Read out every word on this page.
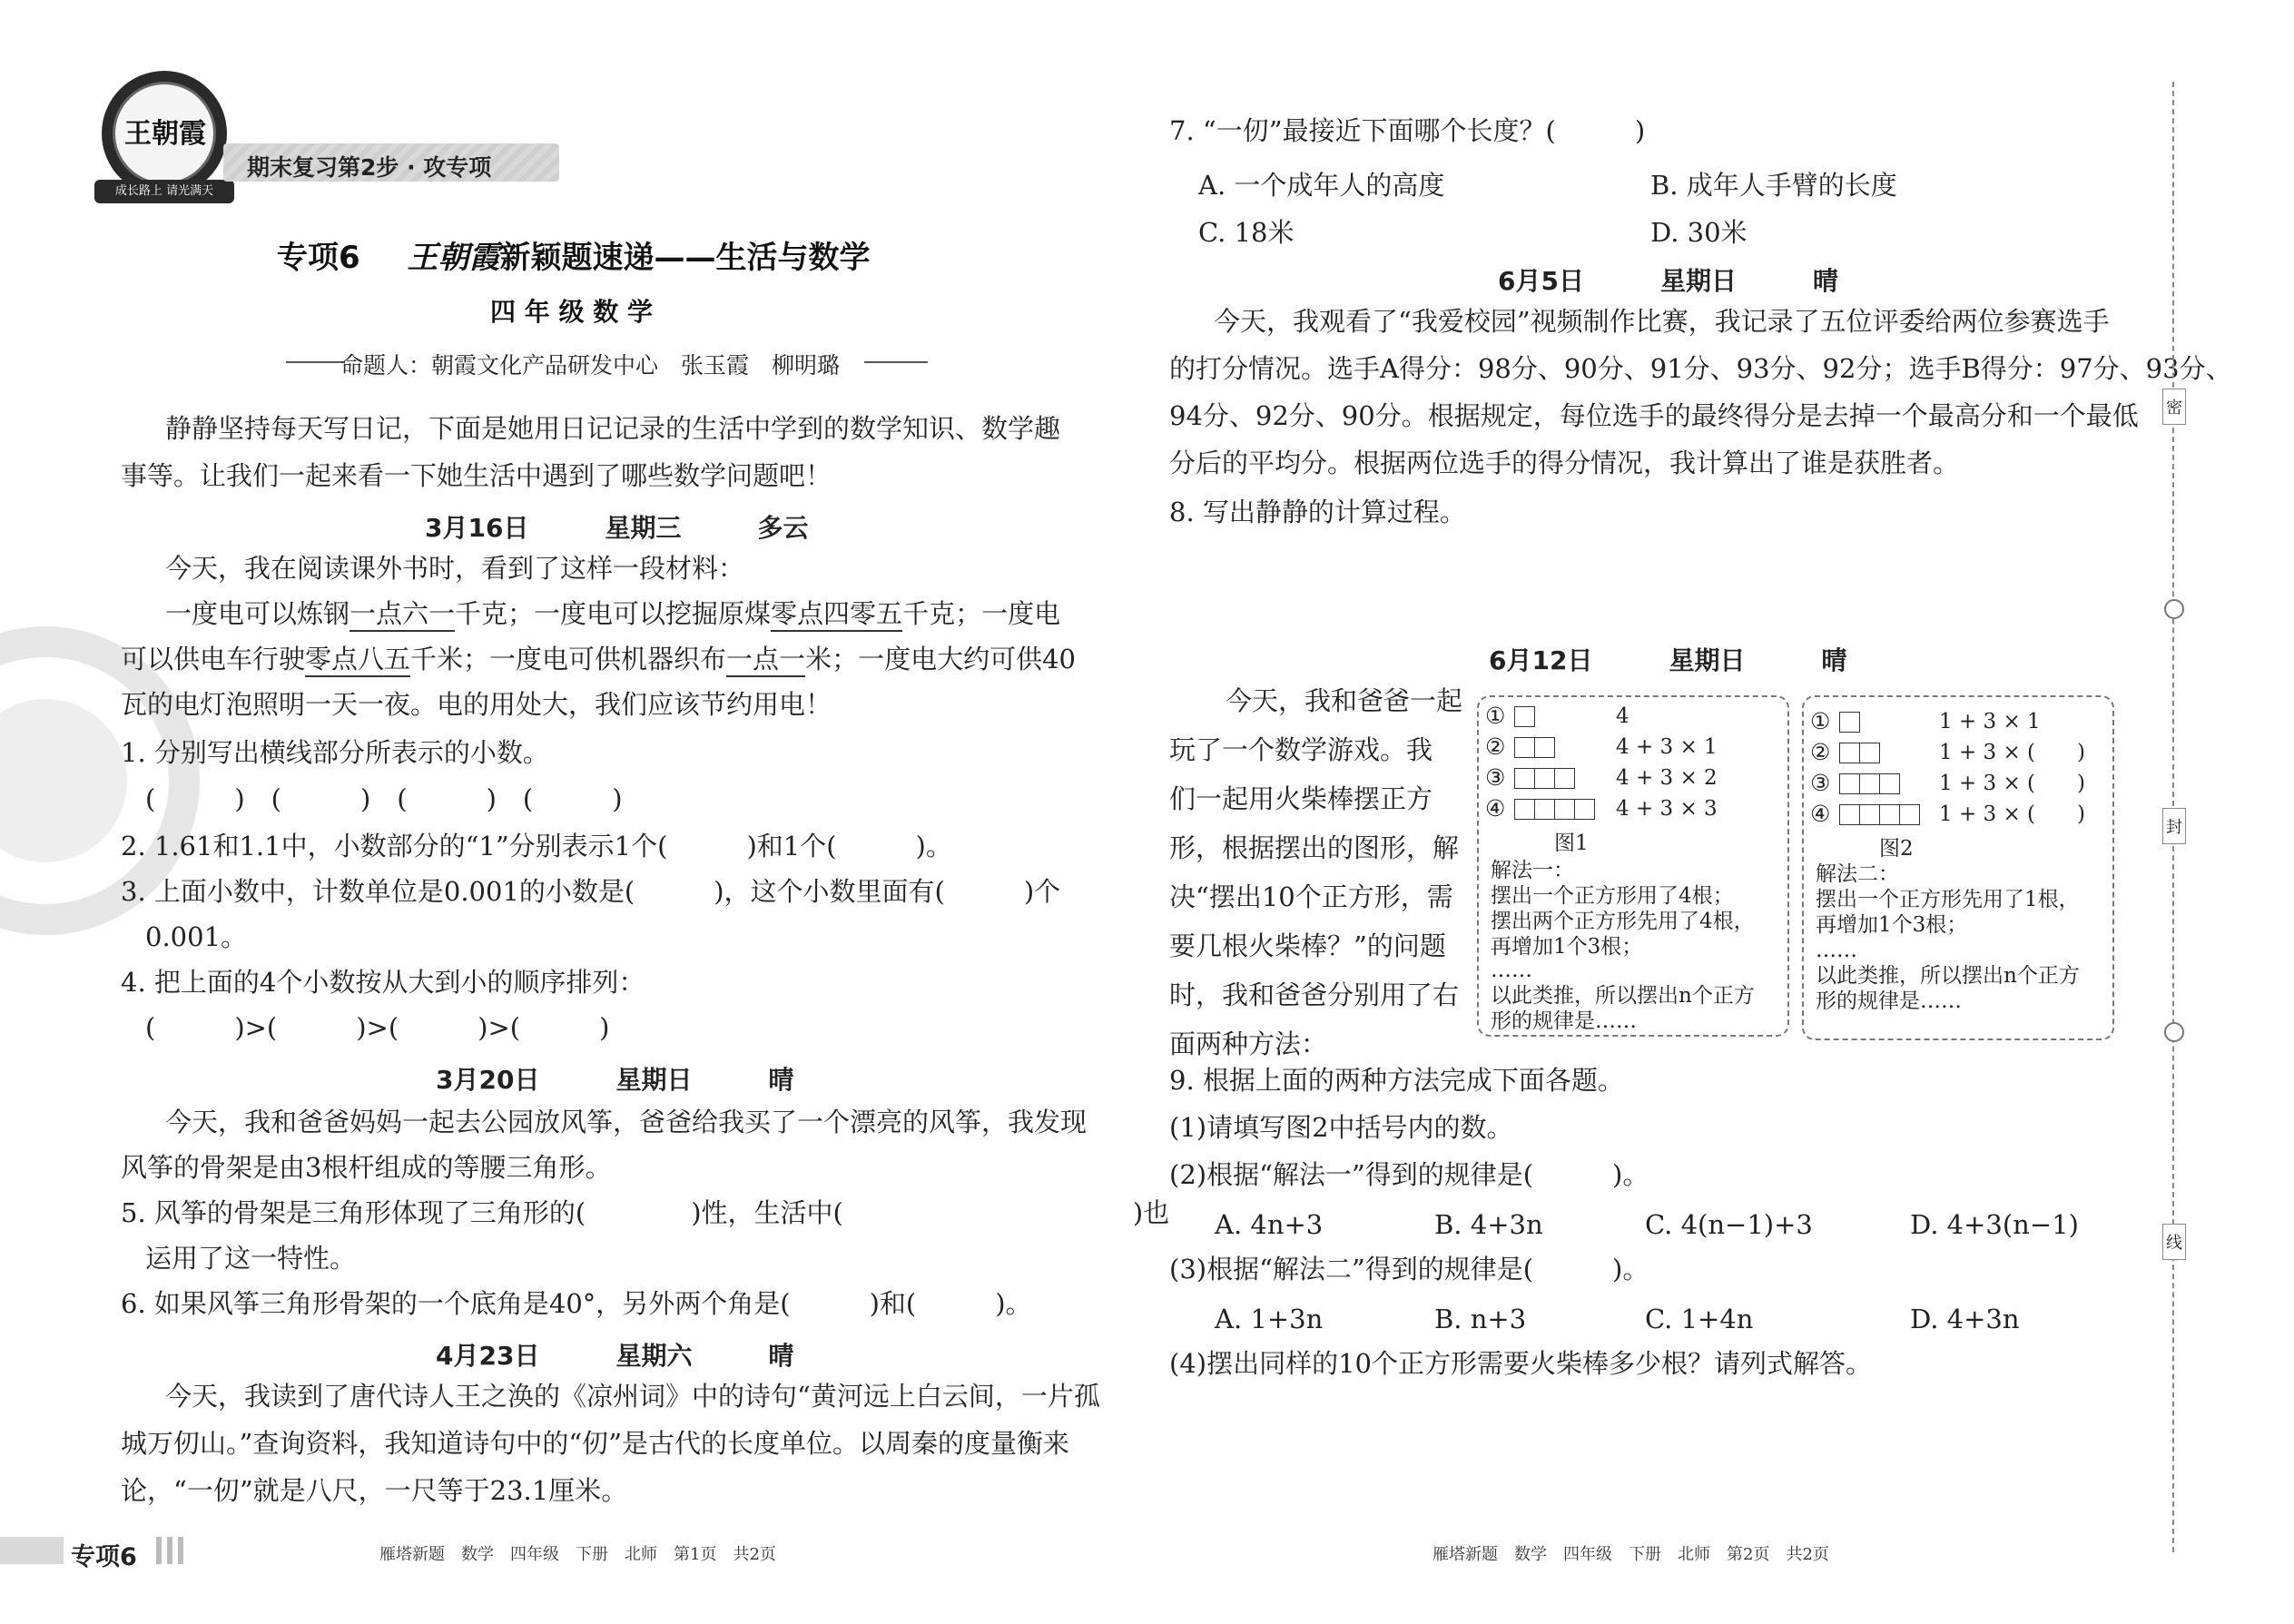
王朝霞
成长路上 请光满天
期末复习第2步 · 攻专项
专项6 王朝霞新颖题速递——生活与数学
四 年 级 数 学
命题人：朝霞文化产品研发中心　张玉霞　柳明璐
静静坚持每天写日记，下面是她用日记记录的生活中学到的数学知识、数学趣
事等。让我们一起来看一下她生活中遇到了哪些数学问题吧！
3月16日	星期三	多云
今天，我在阅读课外书时，看到了这样一段材料：
一度电可以炼钢一点六一千克；一度电可以挖掘原煤零点四零五千克；一度电
可以供电车行驶零点八五千米；一度电可供机器织布一点一米；一度电大约可供40
瓦的电灯泡照明一天一夜。电的用处大，我们应该节约用电！
1. 分别写出横线部分所表示的小数。
(　　　)　(　　　)　(　　　)　(　　　)
2. 1.61和1.1中，小数部分的“1”分别表示1个(　　　)和1个(　　　)。
3. 上面小数中，计数单位是0.001的小数是(　　　)，这个小数里面有(　　　)个
0.001。
4. 把上面的4个小数按从大到小的顺序排列：
(　　　)>(　　　)>(　　　)>(　　　)
3月20日	星期日	晴
今天，我和爸爸妈妈一起去公园放风筝，爸爸给我买了一个漂亮的风筝，我发现
风筝的骨架是由3根杆组成的等腰三角形。
5. 风筝的骨架是三角形体现了三角形的(　　　　)性，生活中(　　　　　　　　　　　)也
运用了这一特性。
6. 如果风筝三角形骨架的一个底角是40°，另外两个角是(　　　)和(　　　)。
4月23日	星期六	晴
今天，我读到了唐代诗人王之涣的《凉州词》中的诗句“黄河远上白云间，一片孤
城万仞山。”查询资料，我知道诗句中的“仞”是古代的长度单位。以周秦的度量衡来
论，“一仞”就是八尺，一尺等于23.1厘米。
专项6	雁塔新题　数学　四年级　下册　北师　第1页　共2页
7. “一仞”最接近下面哪个长度？(　　　)
A. 一个成年人的高度	B. 成年人手臂的长度
C. 18米	D. 30米
6月5日	星期日	晴
今天，我观看了“我爱校园”视频制作比赛，我记录了五位评委给两位参赛选手
的打分情况。选手A得分：98分、90分、91分、93分、92分；选手B得分：97分、93分、
94分、92分、90分。根据规定，每位选手的最终得分是去掉一个最高分和一个最低
分后的平均分。根据两位选手的得分情况，我计算出了谁是获胜者。
8. 写出静静的计算过程。
6月12日	星期日	晴
今天，我和爸爸一起
玩了一个数学游戏。我
们一起用火柴棒摆正方
形，根据摆出的图形，解
决“摆出10个正方形，需
要几根火柴棒？”的问题
时，我和爸爸分别用了右
面两种方法：
①	4
②	4 + 3 × 1
③	4 + 3 × 2
④	4 + 3 × 3
图1
解法一：
摆出一个正方形用了4根；
摆出两个正方形先用了4根，
再增加1个3根；
……
以此类推，所以摆出n个正方
形的规律是……
①	1 + 3 × 1
②	1 + 3 × (　　)
③	1 + 3 × (　　)
④	1 + 3 × (　　)
图2
解法二：
摆出一个正方形先用了1根，
再增加1个3根；
……
以此类推，所以摆出n个正方
形的规律是……
9. 根据上面的两种方法完成下面各题。
(1)请填写图2中括号内的数。
(2)根据“解法一”得到的规律是(　　　)。
A. 4n+3	B. 4+3n	C. 4(n−1)+3	D. 4+3(n−1)
(3)根据“解法二”得到的规律是(　　　)。
A. 1+3n	B. n+3	C. 1+4n	D. 4+3n
(4)摆出同样的10个正方形需要火柴棒多少根？请列式解答。
雁塔新题　数学　四年级　下册　北师　第2页　共2页
密
封
线
